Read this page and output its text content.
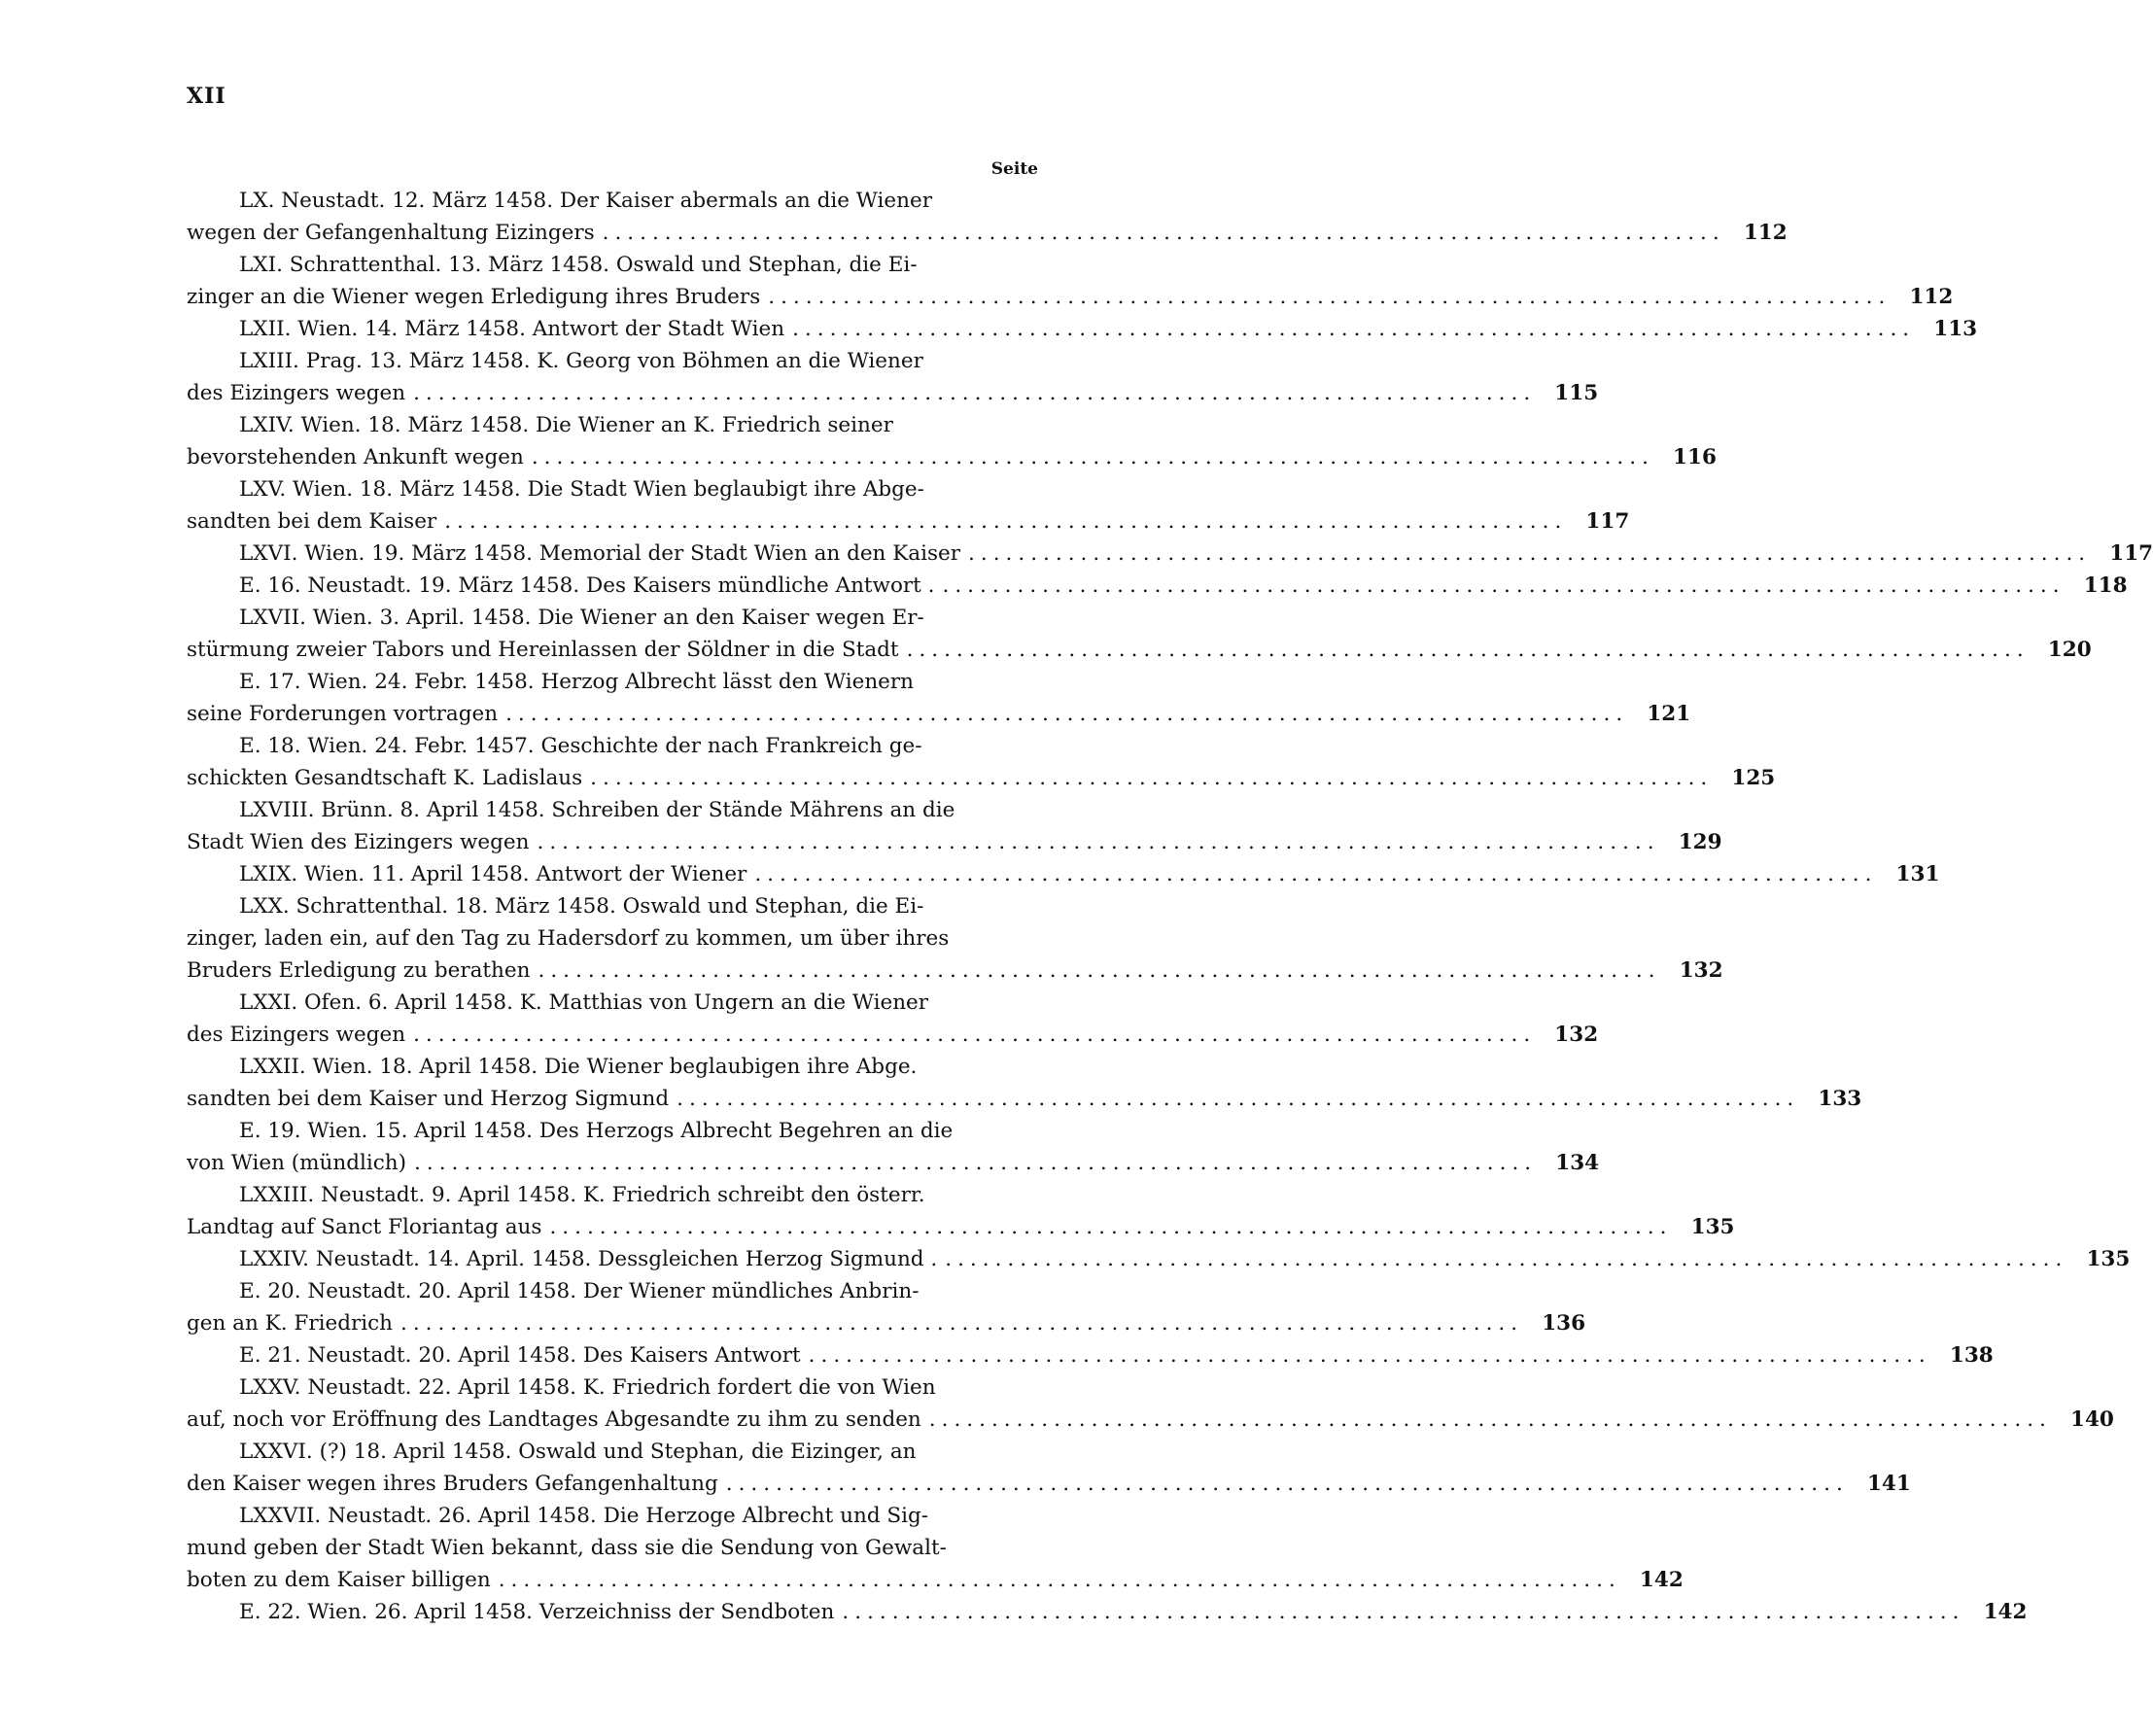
XII
Seite
LX. Neustadt. 12. März 1458. Der Kaiser abermals an die Wiener
wegen der Gefangenhaltung Eizingers .......................................................................................... 112
LXI. Schrattenthal. 13. März 1458. Oswald und Stephan, die Ei-
zinger an die Wiener wegen Erledigung ihres Bruders .......................................................................................... 112
LXII. Wien. 14. März 1458. Antwort der Stadt Wien .......................................................................................... 113
LXIII. Prag. 13. März 1458. K. Georg von Böhmen an die Wiener
des Eizingers wegen .......................................................................................... 115
LXIV. Wien. 18. März 1458. Die Wiener an K. Friedrich seiner
bevorstehenden Ankunft wegen .......................................................................................... 116
LXV. Wien. 18. März 1458. Die Stadt Wien beglaubigt ihre Abge-
sandten bei dem Kaiser .......................................................................................... 117
LXVI. Wien. 19. März 1458. Memorial der Stadt Wien an den Kaiser .......................................................................................... 117
E. 16. Neustadt. 19. März 1458. Des Kaisers mündliche Antwort . .......................................................................................... 118
LXVII. Wien. 3. April. 1458. Die Wiener an den Kaiser wegen Er-
stürmung zweier Tabors und Hereinlassen der Söldner in die Stadt .......................................................................................... 120
E. 17. Wien. 24. Febr. 1458. Herzog Albrecht lässt den Wienern
seine Forderungen vortragen .......................................................................................... 121
E. 18. Wien. 24. Febr. 1457. Geschichte der nach Frankreich ge-
schickten Gesandtschaft K. Ladislaus .......................................................................................... 125
LXVIII. Brünn. 8. April 1458. Schreiben der Stände Mährens an die
Stadt Wien des Eizingers wegen .......................................................................................... 129
LXIX. Wien. 11. April 1458. Antwort der Wiener .......................................................................................... 131
LXX. Schrattenthal. 18. März 1458. Oswald und Stephan, die Ei-
zinger, laden ein, auf den Tag zu Hadersdorf zu kommen, um über ihres
Bruders Erledigung zu berathen .......................................................................................... 132
LXXI. Ofen. 6. April 1458. K. Matthias von Ungern an die Wiener
des Eizingers wegen .......................................................................................... 132
LXXII. Wien. 18. April 1458. Die Wiener beglaubigen ihre Abge.
sandten bei dem Kaiser und Herzog Sigmund .......................................................................................... 133
E. 19. Wien. 15. April 1458. Des Herzogs Albrecht Begehren an die
von Wien (mündlich) .......................................................................................... 134
LXXIII. Neustadt. 9. April 1458. K. Friedrich schreibt den österr.
Landtag auf Sanct Floriantag aus .......................................................................................... 135
LXXIV. Neustadt. 14. April. 1458. Dessgleichen Herzog Sigmund . .......................................................................................... 135
E. 20. Neustadt. 20. April 1458. Der Wiener mündliches Anbrin-
gen an K. Friedrich .......................................................................................... 136
E. 21. Neustadt. 20. April 1458. Des Kaisers Antwort .......................................................................................... 138
LXXV. Neustadt. 22. April 1458. K. Friedrich fordert die von Wien
auf, noch vor Eröffnung des Landtages Abgesandte zu ihm zu senden .......................................................................................... 140
LXXVI. (?) 18. April 1458. Oswald und Stephan, die Eizinger, an
den Kaiser wegen ihres Bruders Gefangenhaltung .......................................................................................... 141
LXXVII. Neustadt. 26. April 1458. Die Herzoge Albrecht und Sig-
mund geben der Stadt Wien bekannt, dass sie die Sendung von Gewalt-
boten zu dem Kaiser billigen .......................................................................................... 142
E. 22. Wien. 26. April 1458. Verzeichniss der Sendboten .......................................................................................... 142
